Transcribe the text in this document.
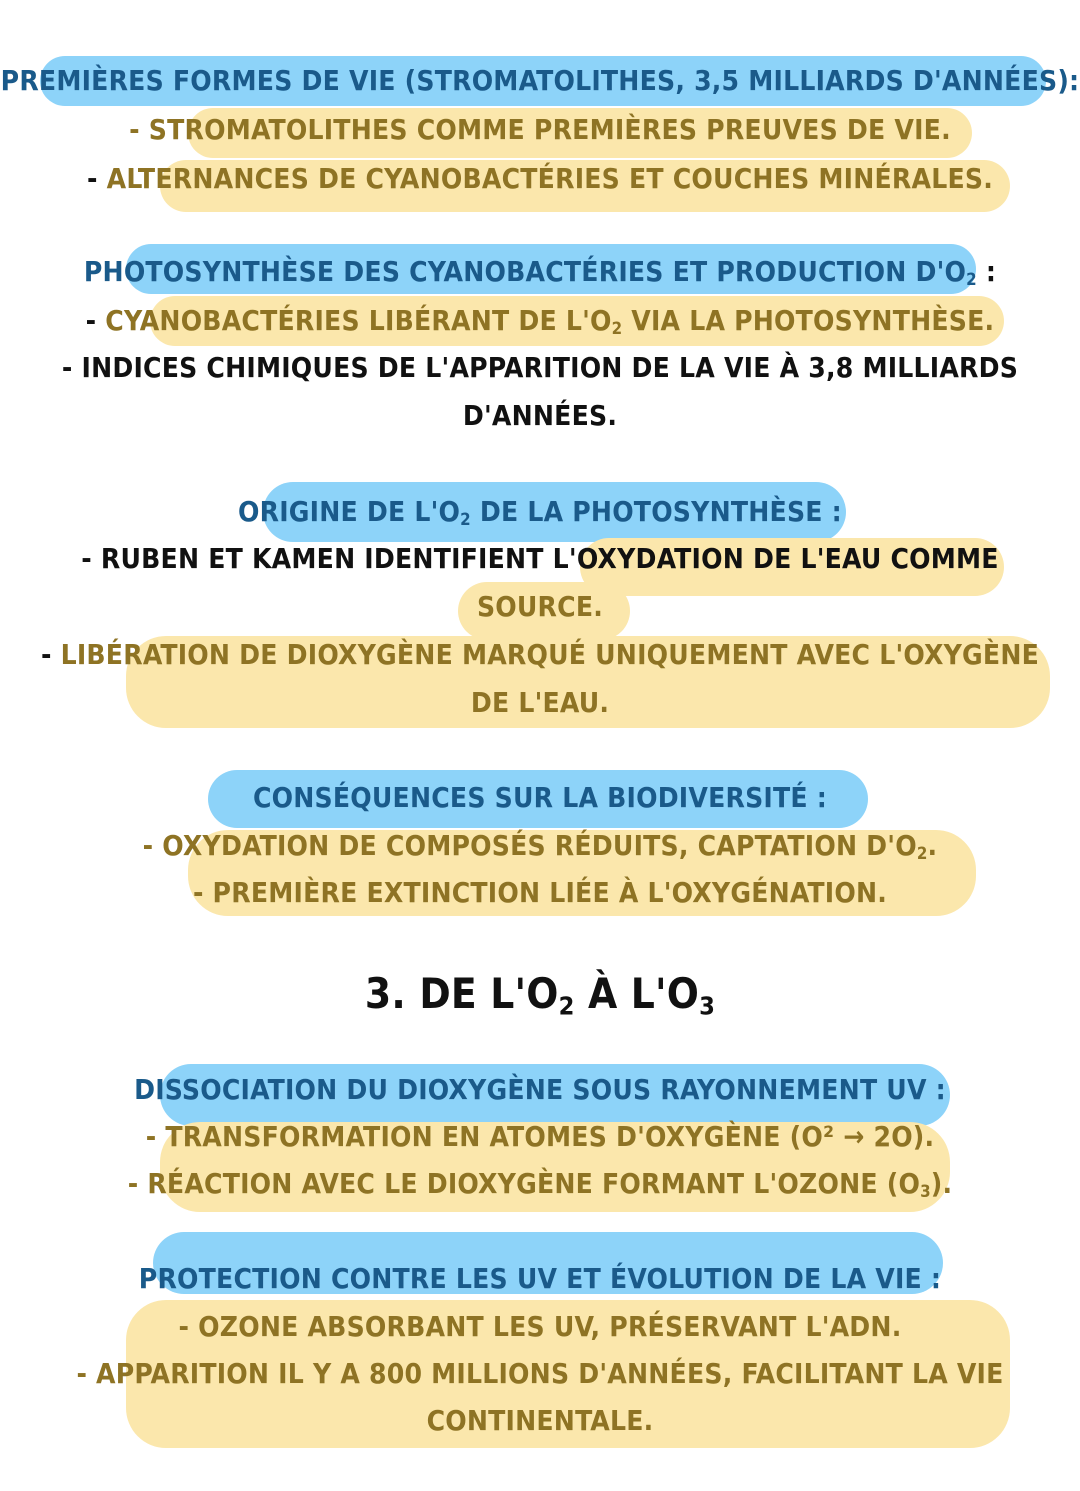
PREMIÈRES FORMES DE VIE (STROMATOLITHES, 3,5 MILLIARDS D'ANNÉES):
- STROMATOLITHES COMME PREMIÈRES PREUVES DE VIE.
- ALTERNANCES DE CYANOBACTÉRIES ET COUCHES MINÉRALES.
PHOTOSYNTHÈSE DES CYANOBACTÉRIES ET PRODUCTION $D'O_2$ :
- CYANOBACTÉRIES LIBÉRANT DE $L'O_2$ VIA LA PHOTOSYNTHÈSE.
- INDICES CHIMIQUES DE L'APPARITION DE LA VIE À 3,8 MILLIARDS
D'ANNÉES.
ORIGINE DE $L'O_2$ DE LA PHOTOSYNTHÈSE :
- RUBEN ET KAMEN IDENTIFIENT L'OXYDATION DE L'EAU COMME
SOURCE.
- LIBÉRATION DE DIOXYGÈNE MARQUÉ UNIQUEMENT AVEC L'OXYGÈNE
DE L'EAU.
CONSÉQUENCES SUR LA BIODIVERSITÉ :
- OXYDATION DE COMPOSÉS RÉDUITS, CAPTATION $D'O_2$.
- PREMIÈRE EXTINCTION LIÉE À L'OXYGÉNATION.
3. DE $L'O_2$ À $L'O_3$
DISSOCIATION DU DIOXYGÈNE SOUS RAYONNEMENT UV :
- TRANSFORMATION EN ATOMES D'OXYGÈNE (O² → 2O).
- RÉACTION AVEC LE DIOXYGÈNE FORMANT L'OZONE $(O_3)$.
PROTECTION CONTRE LES UV ET ÉVOLUTION DE LA VIE :
- OZONE ABSORBANT LES UV, PRÉSERVANT L'ADN.
- APPARITION IL Y A 800 MILLIONS D'ANNÉES, FACILITANT LA VIE
CONTINENTALE.
